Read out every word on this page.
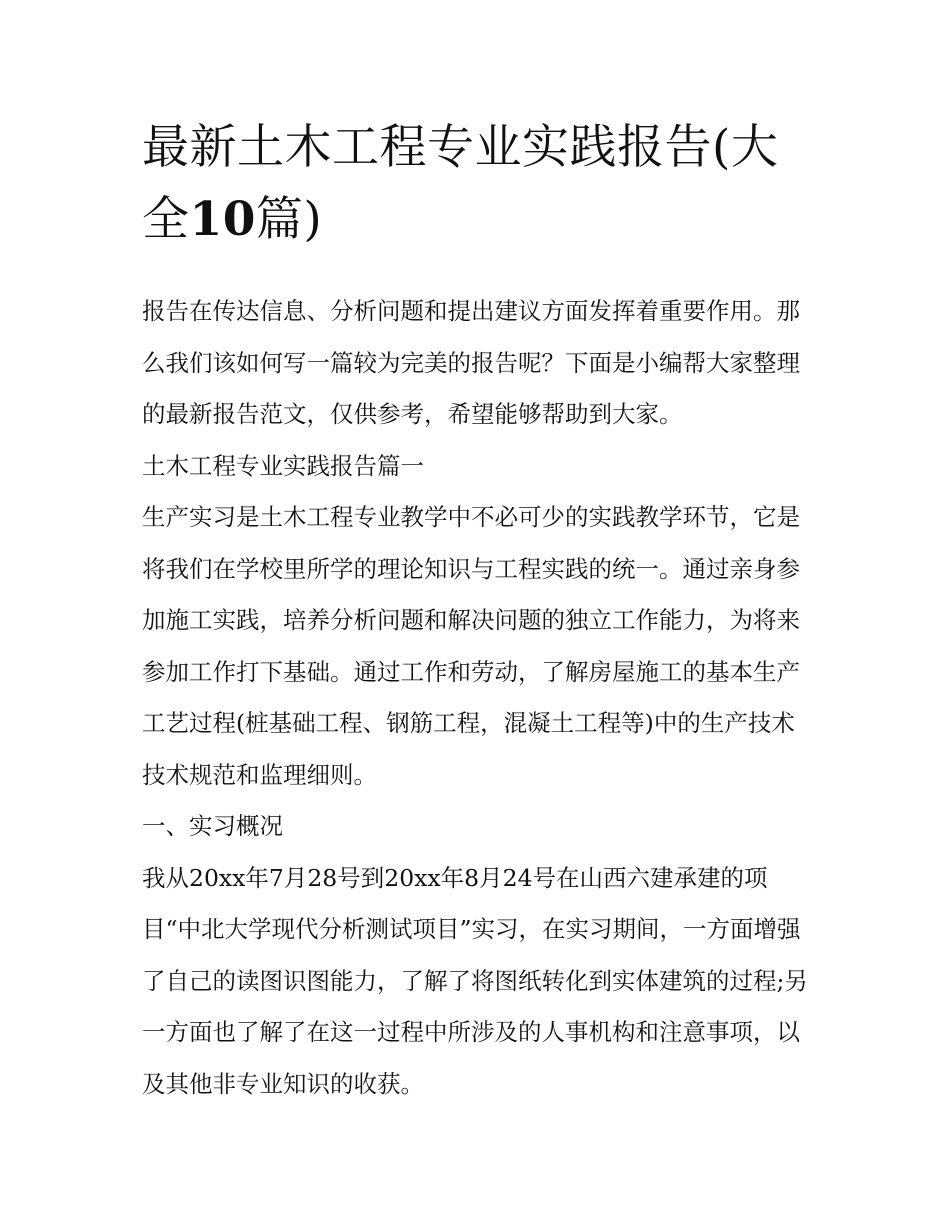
最新土木工程专业实践报告(大
全10篇)

报告在传达信息、分析问题和提出建议方面发挥着重要作用。那么我们该如何写一篇较为完美的报告呢？下面是小编帮大家整理的最新报告范文，仅供参考，希望能够帮助到大家。

土木工程专业实践报告篇一

生产实习是土木工程专业教学中不必可少的实践教学环节，它是将我们在学校里所学的理论知识与工程实践的统一。通过亲身参加施工实践，培养分析问题和解决问题的独立工作能力，为将来参加工作打下基础。通过工作和劳动，了解房屋施工的基本生产工艺过程(桩基础工程、钢筋工程，混凝土工程等)中的生产技术技术规范和监理细则。

一、实习概况

我从20xx年7月28号到20xx年8月24号在山西六建承建的项目“中北大学现代分析测试项目”实习，在实习期间，一方面增强了自己的读图识图能力，了解了将图纸转化到实体建筑的过程;另一方面也了解了在这一过程中所涉及的人事机构和注意事项，以及其他非专业知识的收获。
